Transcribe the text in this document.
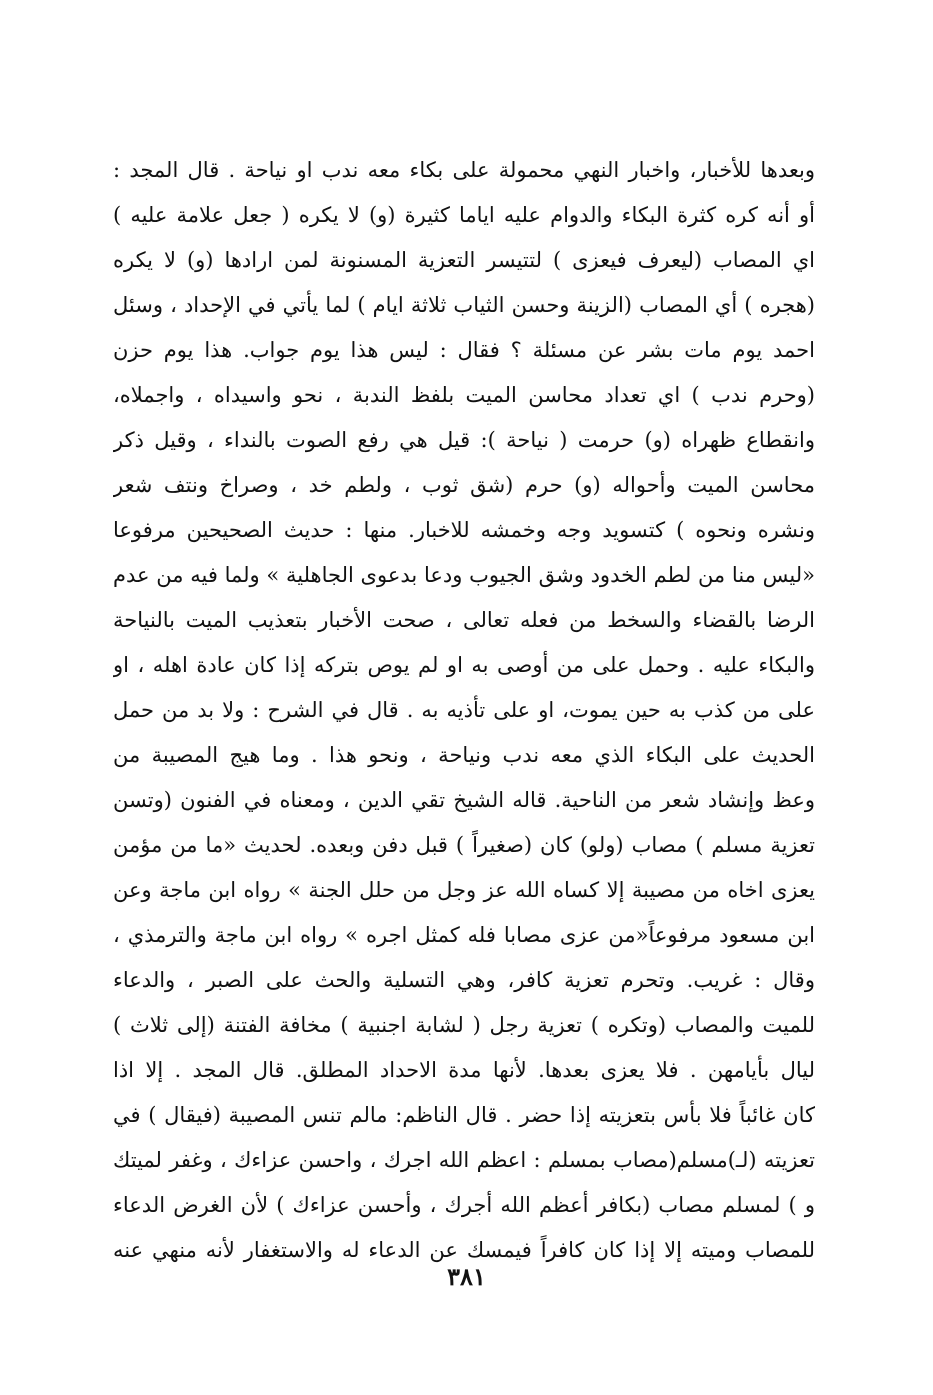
وبعدها للأخبار، واخبار النهي محمولة على بكاء معه ندب او نياحة . قال المجد :
أو أنه كره كثرة البكاء والدوام عليه اياما كثيرة (و) لا يكره ( جعل علامة عليه )
اي المصاب (ليعرف فيعزى ) لتتيسر التعزية المسنونة لمن ارادها (و) لا يكره
(هجره ) أي المصاب (الزينة وحسن الثياب ثلاثة ايام ) لما يأتي في الإحداد ، وسئل
احمد يوم مات بشر عن مسئلة ؟ فقال : ليس هذا يوم جواب. هذا يوم حزن
(وحرم ندب ) اي تعداد محاسن الميت بلفظ الندبة ، نحو واسيداه ، واجملاه،
وانقطاع ظهراه (و) حرمت ( نياحة ): قيل هي رفع الصوت بالنداء ، وقيل ذكر
محاسن الميت وأحواله (و) حرم (شق ثوب ، ولطم خد ، وصراخ ونتف شعر
ونشره ونحوه ) كتسويد وجه وخمشه للاخبار. منها : حديث الصحيحين مرفوعا
«ليس منا من لطم الخدود وشق الجيوب ودعا بدعوى الجاهلية » ولما فيه من عدم
الرضا بالقضاء والسخط من فعله تعالى ، صحت الأخبار بتعذيب الميت بالنياحة
والبكاء عليه . وحمل على من أوصى به او لم يوص بتركه إذا كان عادة اهله ، او
على من كذب به حين يموت، او على تأذيه به . قال في الشرح : ولا بد من حمل
الحديث على البكاء الذي معه ندب ونياحة ، ونحو هذا . وما هيج المصيبة من
وعظ وإنشاد شعر من الناحية. قاله الشيخ تقي الدين ، ومعناه في الفنون (وتسن
تعزية مسلم ) مصاب (ولو) كان (صغيراً ) قبل دفن وبعده. لحديث «ما من مؤمن
يعزى اخاه من مصيبة إلا كساه الله عز وجل من حلل الجنة » رواه ابن ماجة وعن
ابن مسعود مرفوعاً«من عزى مصابا فله كمثل اجره » رواه ابن ماجة والترمذي ،
وقال : غريب. وتحرم تعزية كافر، وهي التسلية والحث على الصبر ، والدعاء
للميت والمصاب (وتكره ) تعزية رجل ( لشابة اجنبية ) مخافة الفتنة (إلى ثلاث )
ليال بأيامهن . فلا يعزى بعدها. لأنها مدة الاحداد المطلق. قال المجد . إلا اذا
كان غائباً فلا بأس بتعزيته إذا حضر . قال الناظم: مالم تنس المصيبة (فيقال ) في
تعزيته (لـ)مسلم(مصاب بمسلم : اعظم الله اجرك ، واحسن عزاءك ، وغفر لميتك
و ) لمسلم مصاب (بكافر أعظم الله أجرك ، وأحسن عزاءك ) لأن الغرض الدعاء
للمصاب وميته إلا إذا كان كافراً فيمسك عن الدعاء له والاستغفار لأنه منهي عنه
٣٨١
